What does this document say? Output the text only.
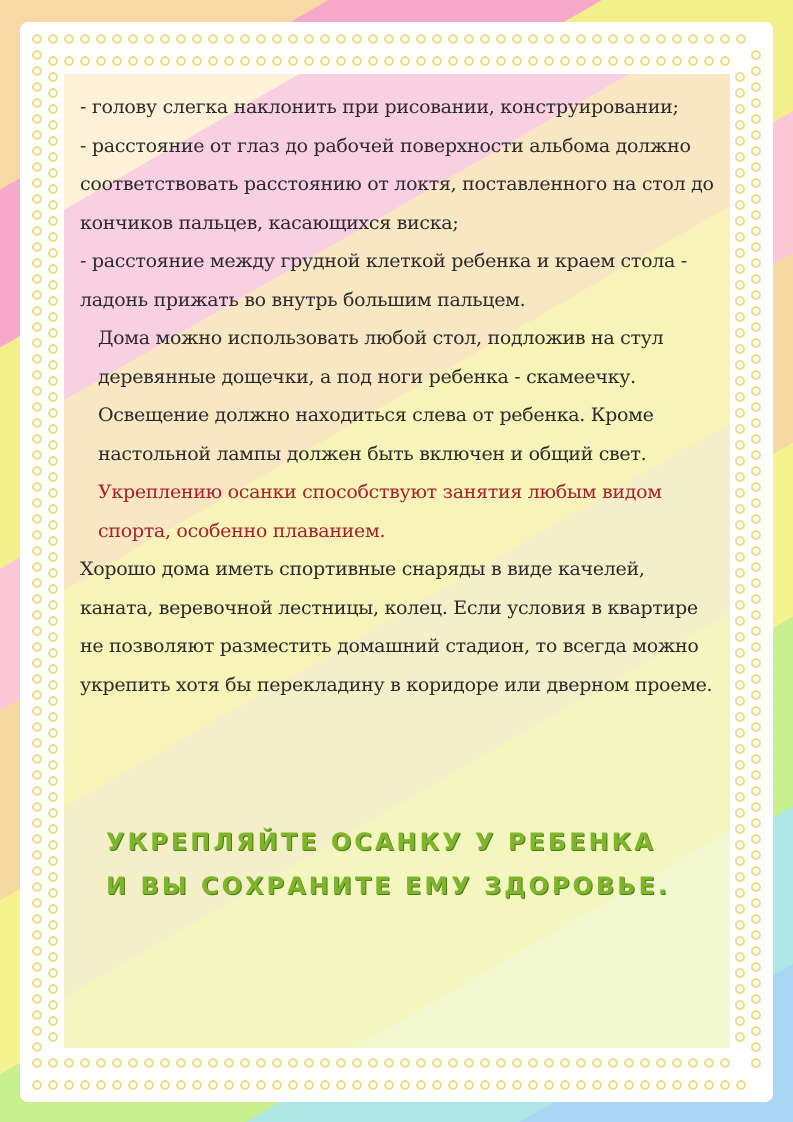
- голову слегка наклонить при рисовании, конструировании;

- расстояние от глаз до рабочей поверхности альбома должно соответствовать расстоянию от локтя, поставленного на стол до кончиков пальцев, касающихся виска;

- расстояние между грудной клеткой ребенка и краем стола - ладонь прижать во внутрь большим пальцем.

Дома можно использовать любой стол, подложив на стул деревянные дощечки, а под ноги ребенка - скамеечку.

Освещение должно находиться слева от ребенка. Кроме настольной лампы должен быть включен и общий свет.

Укреплению осанки способствуют занятия любым видом спорта, особенно плаванием.

Хорошо дома иметь спортивные снаряды в виде качелей, каната, веревочной лестницы, колец. Если условия в квартире не позволяют разместить домашний стадион, то всегда можно укрепить хотя бы перекладину в коридоре или дверном проеме.

УКРЕПЛЯЙТЕ ОСАНКУ У РЕБЕНКА
И ВЫ СОХРАНИТЕ ЕМУ ЗДОРОВЬЕ.
